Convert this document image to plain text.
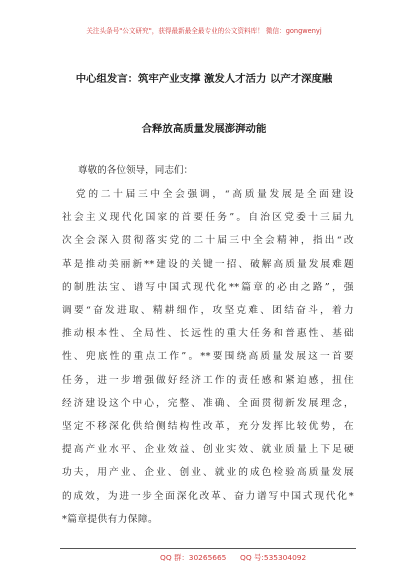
关注头条号"公文研究"，获得最新最全最专业的公文资料库！ 微信：gongwenyj
中心组发言：筑牢产业支撑 激发人才活力 以产才深度融
合释放高质量发展澎湃动能
尊敬的各位领导，同志们：
党的二十届三中全会强调，“高质量发展是全面建设
社会主义现代化国家的首要任务”。自治区党委十三届九
次全会深入贯彻落实党的二十届三中全会精神，指出“改
革是推动美丽新**建设的关键一招、破解高质量发展难题
的制胜法宝、谱写中国式现代化**篇章的必由之路”，强
调要“奋发进取、精耕细作，攻坚克难、团结奋斗，着力
推动根本性、全局性、长远性的重大任务和普惠性、基础
性、兜底性的重点工作”。**要围绕高质量发展这一首要
任务，进一步增强做好经济工作的责任感和紧迫感，扭住
经济建设这个中心，完整、准确、全面贯彻新发展理念，
坚定不移深化供给侧结构性改革，充分发挥比较优势，在
提高产业水平、企业效益、创业实效、就业质量上下足硬
功夫，用产业、企业、创业、就业的成色检验高质量发展
的成效，为进一步全面深化改革、奋力谱写中国式现代化*
*篇章提供有力保障。
QQ 群：30265665 QQ 号:535304092
